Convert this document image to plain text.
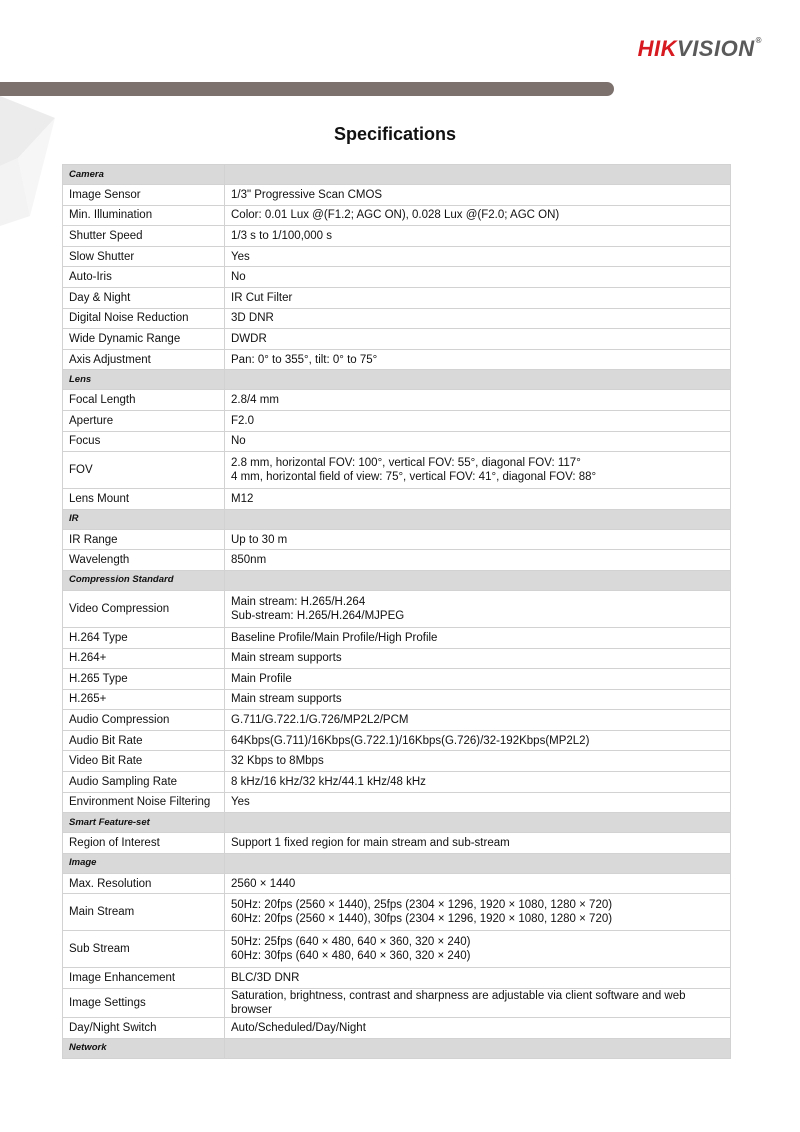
HIKVISION®
Specifications
Camera	
Image Sensor	1/3" Progressive Scan CMOS

Min. Illumination	Color: 0.01 Lux @(F1.2; AGC ON), 0.028 Lux @(F2.0; AGC ON)

Shutter Speed	1/3 s to 1/100,000 s

Slow Shutter	Yes

Auto-Iris	No

Day & Night	IR Cut Filter

Digital Noise Reduction	3D DNR

Wide Dynamic Range	DWDR

Axis Adjustment	Pan: 0° to 355°, tilt: 0° to 75°

Lens	
Focal Length	2.8/4 mm

Aperture	F2.0

Focus	No

FOV	2.8 mm, horizontal FOV: 100°, vertical FOV: 55°, diagonal FOV: 117°
4 mm, horizontal field of view: 75°, vertical FOV: 41°, diagonal FOV: 88°

Lens Mount	M12

IR	
IR Range	Up to 30 m

Wavelength	850nm

Compression Standard	
Video Compression	Main stream: H.265/H.264
Sub-stream: H.265/H.264/MJPEG

H.264 Type	Baseline Profile/Main Profile/High Profile

H.264+	Main stream supports

H.265 Type	Main Profile

H.265+	Main stream supports

Audio Compression	G.711/G.722.1/G.726/MP2L2/PCM

Audio Bit Rate	64Kbps(G.711)/16Kbps(G.722.1)/16Kbps(G.726)/32-192Kbps(MP2L2)

Video Bit Rate	32 Kbps to 8Mbps

Audio Sampling Rate	8 kHz/16 kHz/32 kHz/44.1 kHz/48 kHz

Environment Noise Filtering	Yes

Smart Feature-set	
Region of Interest	Support 1 fixed region for main stream and sub-stream

Image	
Max. Resolution	2560 × 1440

Main Stream	50Hz: 20fps (2560 × 1440), 25fps (2304 × 1296, 1920 × 1080, 1280 × 720)
60Hz: 20fps (2560 × 1440), 30fps (2304 × 1296, 1920 × 1080, 1280 × 720)

Sub Stream	50Hz: 25fps (640 × 480, 640 × 360, 320 × 240)
60Hz: 30fps (640 × 480, 640 × 360, 320 × 240)

Image Enhancement	BLC/3D DNR

Image Settings	Saturation, brightness, contrast and sharpness are adjustable via client software and web browser

Day/Night Switch	Auto/Scheduled/Day/Night

Network	
